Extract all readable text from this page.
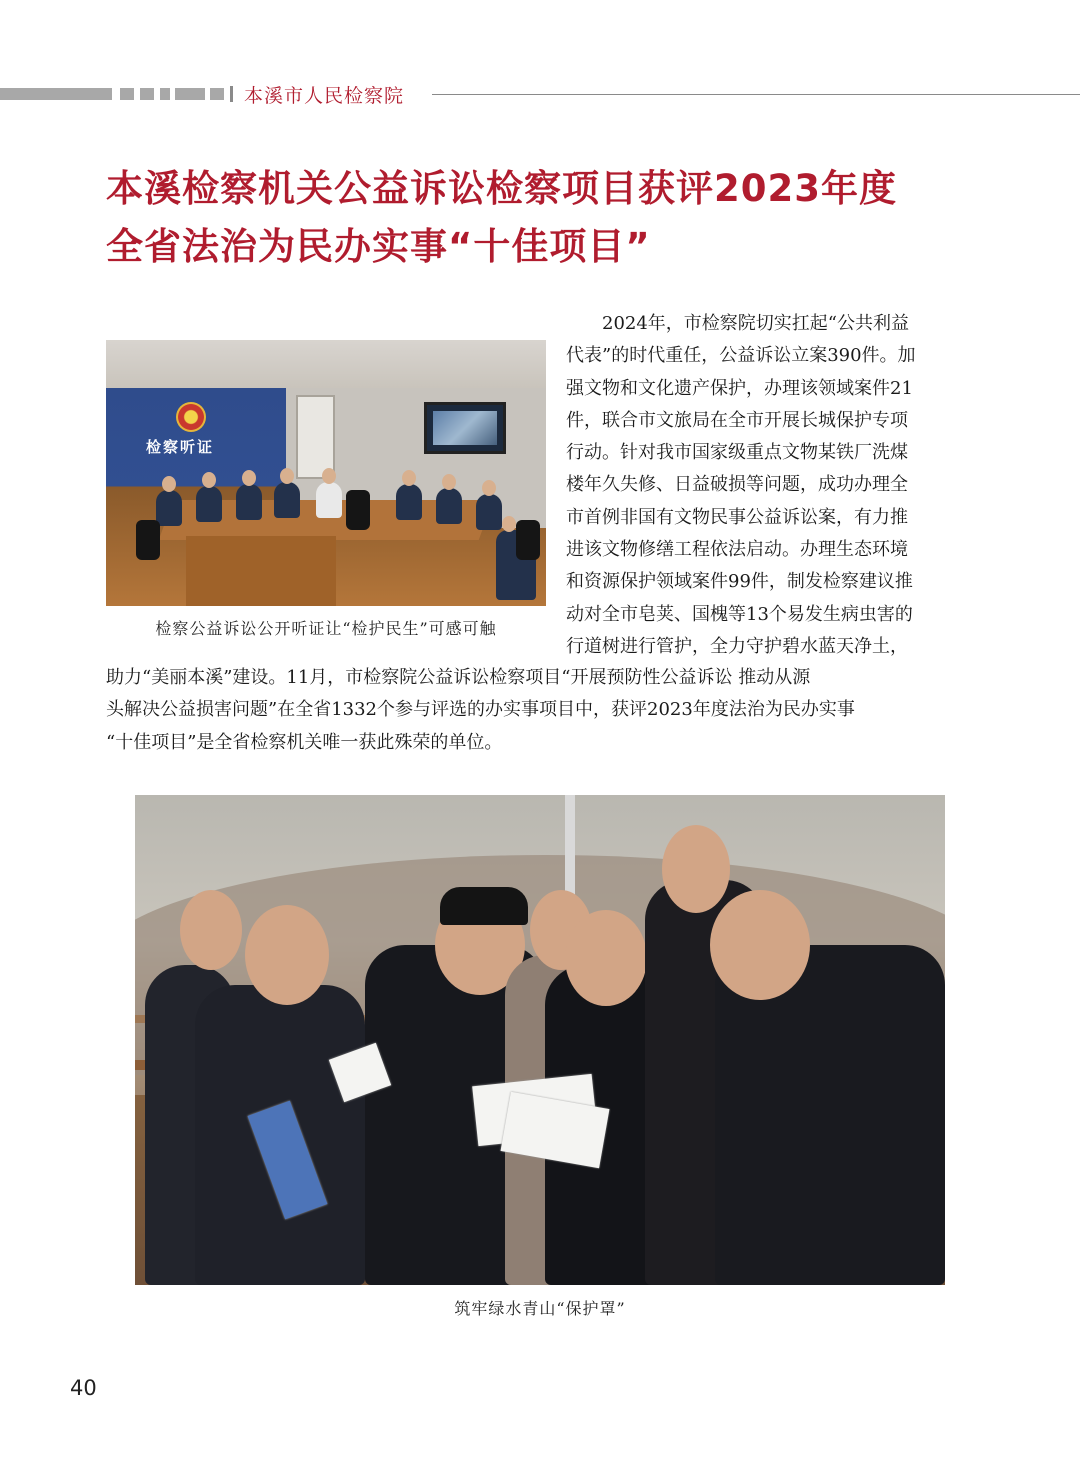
本溪市人民检察院
本溪检察机关公益诉讼检察项目获评2023年度
全省法治为民办实事“十佳项目”
检察听证
检察公益诉讼公开听证让“检护民生”可感可触

2024年，市检察院切实扛起“公共利益
代表”的时代重任，公益诉讼立案390件。加
强文物和文化遗产保护，办理该领域案件21
件，联合市文旅局在全市开展长城保护专项
行动。针对我市国家级重点文物某铁厂洗煤
楼年久失修、日益破损等问题，成功办理全
市首例非国有文物民事公益诉讼案，有力推
进该文物修缮工程依法启动。办理生态环境
和资源保护领域案件99件，制发检察建议推
动对全市皂荚、国槐等13个易发生病虫害的
行道树进行管护，全力守护碧水蓝天净土，

助力“美丽本溪”建设。11月，市检察院公益诉讼检察项目“开展预防性公益诉讼 推动从源
头解决公益损害问题”在全省1332个参与评选的办实事项目中，获评2023年度法治为民办实事
“十佳项目”是全省检察机关唯一获此殊荣的单位。

筑牢绿水青山“保护罩”
40
